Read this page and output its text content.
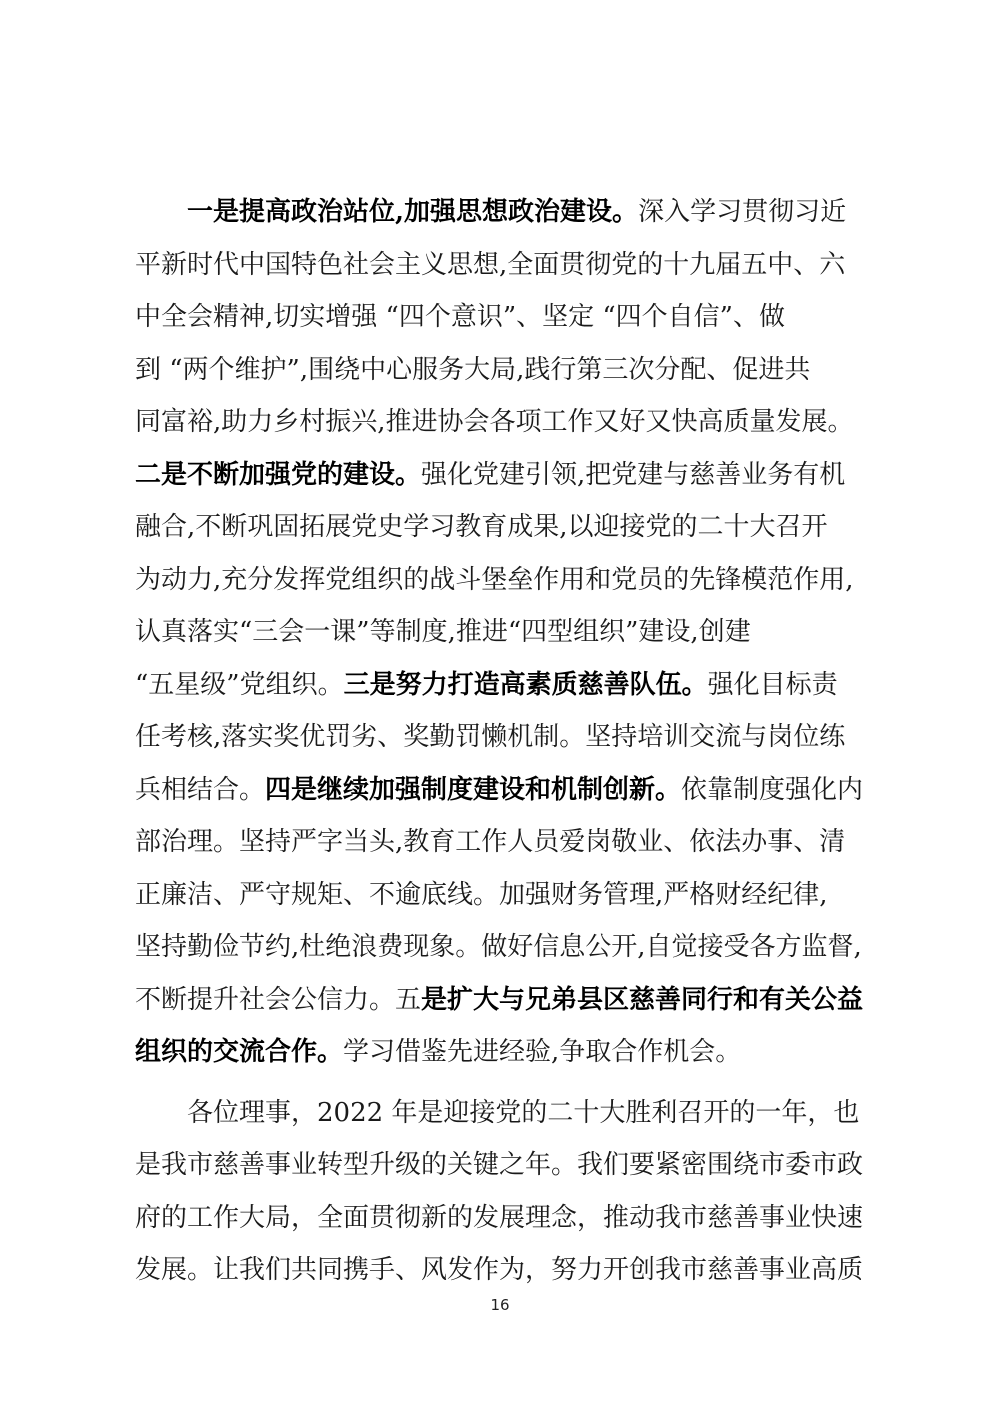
　　一是提高政治站位,加强思想政治建设。深入学习贯彻习近
平新时代中国特色社会主义思想,全面贯彻党的十九届五中、六
中全会精神,切实增强 “四个意识”、坚定 “四个自信”、做
到 “两个维护”,围绕中心服务大局,践行第三次分配、促进共
同富裕,助力乡村振兴,推进协会各项工作又好又快高质量发展。
二是不断加强党的建设。强化党建引领,把党建与慈善业务有机
融合,不断巩固拓展党史学习教育成果,以迎接党的二十大召开
为动力,充分发挥党组织的战斗堡垒作用和党员的先锋模范作用,
认真落实“三会一课”等制度,推进“四型组织”建设,创建
“五星级”党组织。三是努力打造高素质慈善队伍。强化目标责
任考核,落实奖优罚劣、奖勤罚懒机制。坚持培训交流与岗位练
兵相结合。四是继续加强制度建设和机制创新。依靠制度强化内
部治理。坚持严字当头,教育工作人员爱岗敬业、依法办事、清
正廉洁、严守规矩、不逾底线。加强财务管理,严格财经纪律,
坚持勤俭节约,杜绝浪费现象。做好信息公开,自觉接受各方监督,
不断提升社会公信力。五是扩大与兄弟县区慈善同行和有关公益
组织的交流合作。学习借鉴先进经验,争取合作机会。
　　各位理事，2022 年是迎接党的二十大胜利召开的一年，也
是我市慈善事业转型升级的关键之年。我们要紧密围绕市委市政
府的工作大局，全面贯彻新的发展理念，推动我市慈善事业快速
发展。让我们共同携手、风发作为，努力开创我市慈善事业高质
16
